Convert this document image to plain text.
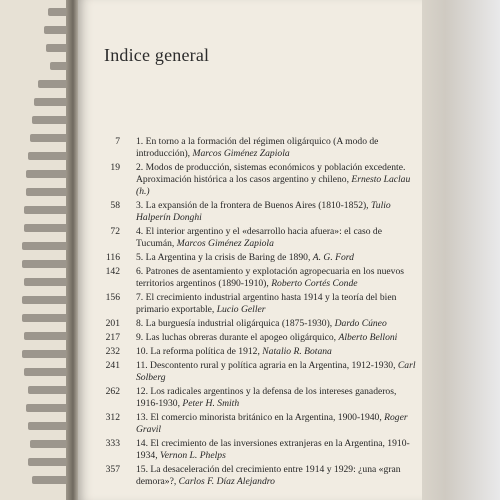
Indice general
7 1. En torno a la formación del régimen oligárquico (A modo de introducción), Marcos Giménez Zapiola
19 2. Modos de producción, sistemas económicos y población excedente. Aproximación histórica a los casos argentino y chileno, Ernesto Laclau (h.)
58 3. La expansión de la frontera de Buenos Aires (1810-1852), Tulio Halperín Donghi
72 4. El interior argentino y el «desarrollo hacia afuera»: el caso de Tucumán, Marcos Giménez Zapiola
116 5. La Argentina y la crisis de Baring de 1890, A. G. Ford
142 6. Patrones de asentamiento y explotación agropecuaria en los nuevos territorios argentinos (1890-1910), Roberto Cortés Conde
156 7. El crecimiento industrial argentino hasta 1914 y la teoría del bien primario exportable, Lucio Geller
201 8. La burguesía industrial oligárquica (1875-1930), Dardo Cúneo
217 9. Las luchas obreras durante el apogeo oligárquico, Alberto Belloni
232 10. La reforma política de 1912, Natalio R. Botana
241 11. Descontento rural y política agraria en la Argentina, 1912-1930, Carl Solberg
262 12. Los radicales argentinos y la defensa de los intereses ganaderos, 1916-1930, Peter H. Smith
312 13. El comercio minorista británico en la Argentina, 1900-1940, Roger Gravil
333 14. El crecimiento de las inversiones extranjeras en la Argentina, 1910-1934, Vernon L. Phelps
357 15. La desaceleración del crecimiento entre 1914 y 1929: ¿una «gran demora»?, Carlos F. Díaz Alejandro
